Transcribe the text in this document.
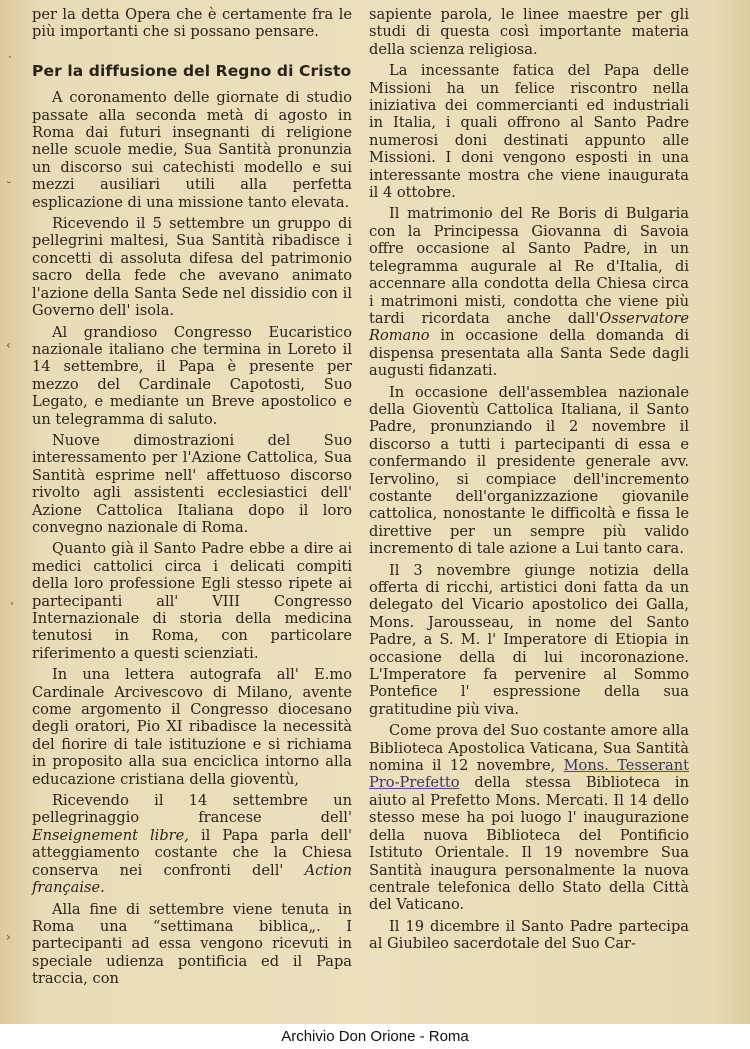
per la detta Opera che è certamente fra le più importanti che si possano pensare.

Per la diffusione del Regno di Cristo

A coronamento delle giornate di studio passate alla seconda metà di agosto in Roma dai futuri insegnanti di religione nelle scuole medie, Sua Santità pronunzia un discorso sui catechisti modello e sui mezzi ausiliari utili alla perfetta esplicazione di una missione tanto elevata.

Ricevendo il 5 settembre un gruppo di pellegrini maltesi, Sua Santità ribadisce i concetti di assoluta difesa del patrimonio sacro della fede che avevano animato l'azione della Santa Sede nel dissidio con il Governo dell' isola.

Al grandioso Congresso Eucaristico nazionale italiano che termina in Loreto il 14 settembre, il Papa è presente per mezzo del Cardinale Capotosti, Suo Legato, e mediante un Breve apostolico e un telegramma di saluto.

Nuove dimostrazioni del Suo interessamento per l'Azione Cattolica, Sua Santità esprime nell' affettuoso discorso rivolto agli assistenti ecclesiastici dell' Azione Cattolica Italiana dopo il loro convegno nazionale di Roma.

Quanto già il Santo Padre ebbe a dire ai medici cattolici circa i delicati compiti della loro professione Egli stesso ripete ai partecipanti all' VIII Congresso Internazionale di storia della medicina tenutosi in Roma, con particolare riferimento a questi scienziati.

In una lettera autografa all' E.mo Cardinale Arcivescovo di Milano, avente come argomento il Congresso diocesano degli oratori, Pio XI ribadisce la necessità del fiorire di tale istituzione e si richiama in proposito alla sua enciclica intorno alla educazione cristiana della gioventù,

Ricevendo il 14 settembre un pellegrinaggio francese dell' Enseignement libre, il Papa parla dell' atteggiamento costante che la Chiesa conserva nei confronti dell' Action française.

Alla fine di settembre viene tenuta in Roma una “settimana biblica„. I partecipanti ad essa vengono ricevuti in speciale udienza pontificia ed il Papa traccia, con

sapiente parola, le linee maestre per gli studi di questa così importante materia della scienza religiosa.

La incessante fatica del Papa delle Missioni ha un felice riscontro nella iniziativa dei commercianti ed industriali in Italia, i quali offrono al Santo Padre numerosi doni destinati appunto alle Missioni. I doni vengono esposti in una interessante mostra che viene inaugurata il 4 ottobre.

Il matrimonio del Re Boris di Bulgaria con la Principessa Giovanna di Savoia offre occasione al Santo Padre, in un telegramma augurale al Re d'Italia, di accennare alla condotta della Chiesa circa i matrimoni misti, condotta che viene più tardi ricordata anche dall'Osservatore Romano in occasione della domanda di dispensa presentata alla Santa Sede dagli augusti fidanzati.

In occasione dell'assemblea nazionale della Gioventù Cattolica Italiana, il Santo Padre, pronunziando il 2 novembre il discorso a tutti i partecipanti di essa e confermando il presidente generale avv. Iervolino, si compiace dell'incremento costante dell'organizzazione giovanile cattolica, nonostante le difficoltà e fissa le direttive per un sempre più valido incremento di tale azione a Lui tanto cara.

Il 3 novembre giunge notizia della offerta di ricchi, artistici doni fatta da un delegato del Vicario apostolico dei Galla, Mons. Jarousseau, in nome del Santo Padre, a S. M. l' Imperatore di Etiopia in occasione della di lui incoronazione. L'Imperatore fa pervenire al Sommo Pontefice l' espressione della sua gratitudine più viva.

Come prova del Suo costante amore alla Biblioteca Apostolica Vaticana, Sua Santità nomina il 12 novembre, Mons. Tesserant Pro-Prefetto della stessa Biblioteca in aiuto al Prefetto Mons. Mercati. Il 14 dello stesso mese ha poi luogo l' inaugurazione della nuova Biblioteca del Pontificio Istituto Orientale. Il 19 novembre Sua Santità inaugura personalmente la nuova centrale telefonica dello Stato della Città del Vaticano.

Il 19 dicembre il Santo Padre partecipa al Giubileo sacerdotale del Suo Car-

·
˘
‹
ʼ
›
Archivio Don Orione - Roma
